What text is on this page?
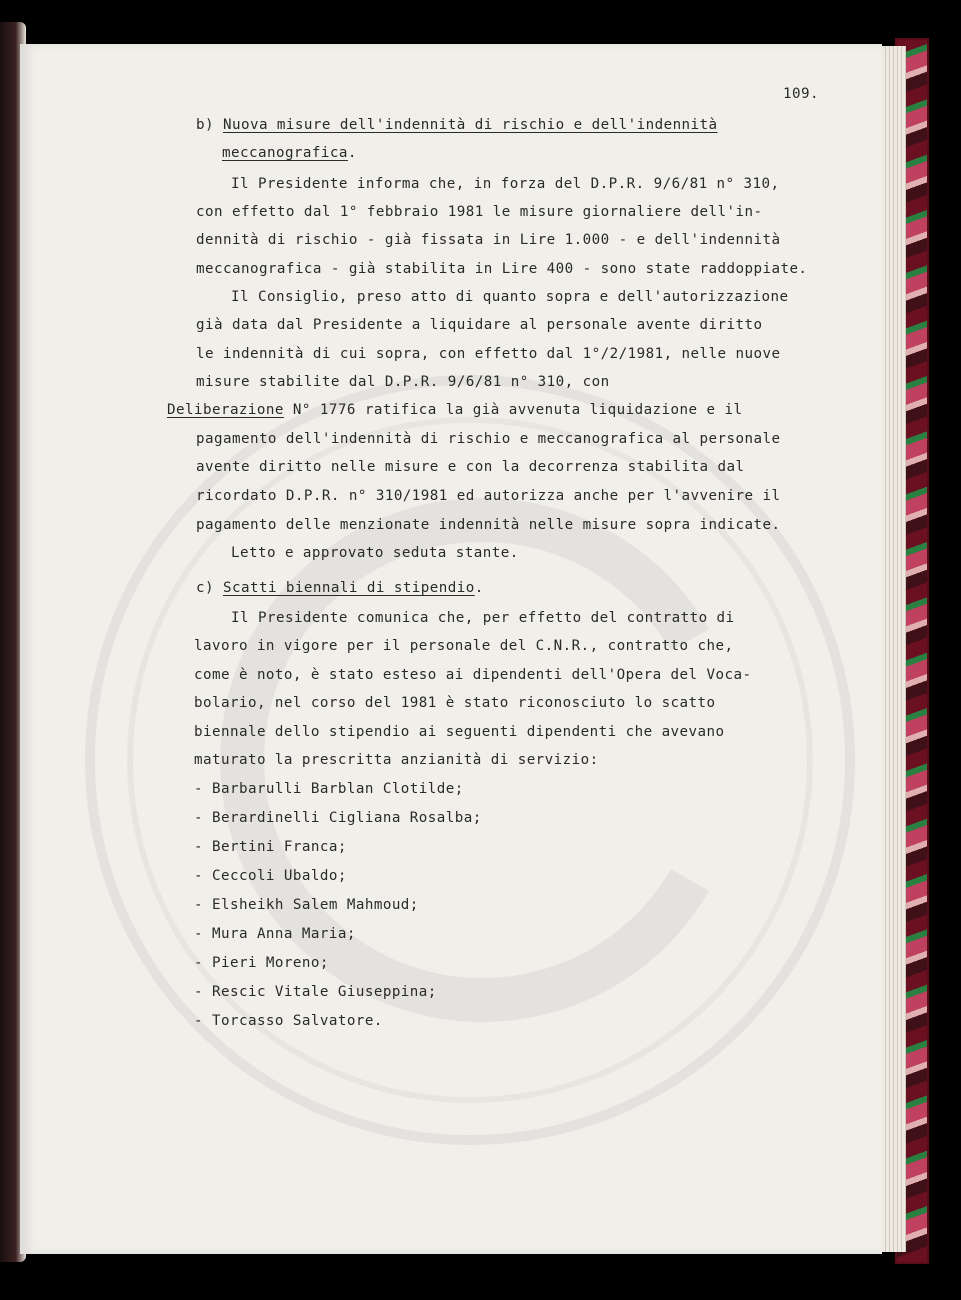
109.
b) Nuova misure dell'indennità di rischio e dell'indennità
meccanografica.
Il Presidente informa che, in forza del D.P.R. 9/6/81 n° 310,
con effetto dal 1° febbraio 1981 le misure giornaliere dell'in-
dennità di rischio - già fissata in Lire 1.000 - e dell'indennità
meccanografica - già stabilita in Lire 400 - sono state raddoppiate.
Il Consiglio, preso atto di quanto sopra e dell'autorizzazione
già data dal Presidente a liquidare al personale avente diritto
le indennità di cui sopra, con effetto dal 1°/2/1981, nelle nuove
misure stabilite dal D.P.R. 9/6/81 n° 310, con
Deliberazione N° 1776 ratifica la già avvenuta liquidazione e il
pagamento dell'indennità di rischio e meccanografica al personale
avente diritto nelle misure e con la decorrenza stabilita dal
ricordato D.P.R. n° 310/1981 ed autorizza anche per l'avvenire il
pagamento delle menzionate indennità nelle misure sopra indicate.
Letto e approvato seduta stante.
c) Scatti biennali di stipendio.
Il Presidente comunica che, per effetto del contratto di
lavoro in vigore per il personale del C.N.R., contratto che,
come è noto, è stato esteso ai dipendenti dell'Opera del Voca-
bolario, nel corso del 1981 è stato riconosciuto lo scatto
biennale dello stipendio ai seguenti dipendenti che avevano
maturato la prescritta anzianità di servizio:
- Barbarulli Barblan Clotilde;
- Berardinelli Cigliana Rosalba;
- Bertini Franca;
- Ceccoli Ubaldo;
- Elsheikh Salem Mahmoud;
- Mura Anna Maria;
- Pieri Moreno;
- Rescic Vitale Giuseppina;
- Torcasso Salvatore.
